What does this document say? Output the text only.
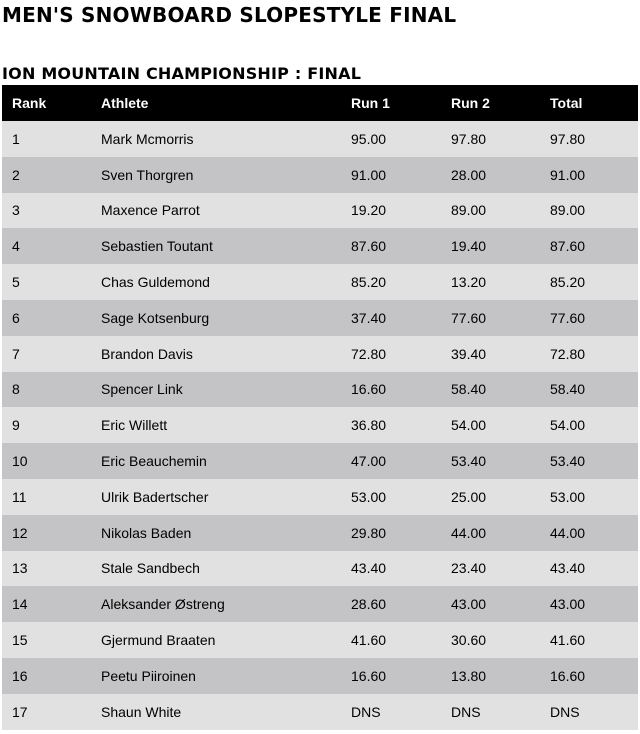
MEN'S SNOWBOARD SLOPESTYLE FINAL
ION MOUNTAIN CHAMPIONSHIP : FINAL
Rank	Athlete	Run 1	Run 2	Total
1	Mark Mcmorris	95.00	97.80	97.80
2	Sven Thorgren	91.00	28.00	91.00
3	Maxence Parrot	19.20	89.00	89.00
4	Sebastien Toutant	87.60	19.40	87.60
5	Chas Guldemond	85.20	13.20	85.20
6	Sage Kotsenburg	37.40	77.60	77.60
7	Brandon Davis	72.80	39.40	72.80
8	Spencer Link	16.60	58.40	58.40
9	Eric Willett	36.80	54.00	54.00
10	Eric Beauchemin	47.00	53.40	53.40
11	Ulrik Badertscher	53.00	25.00	53.00
12	Nikolas Baden	29.80	44.00	44.00
13	Stale Sandbech	43.40	23.40	43.40
14	Aleksander Østreng	28.60	43.00	43.00
15	Gjermund Braaten	41.60	30.60	41.60
16	Peetu Piiroinen	16.60	13.80	16.60
17	Shaun White	DNS	DNS	DNS
